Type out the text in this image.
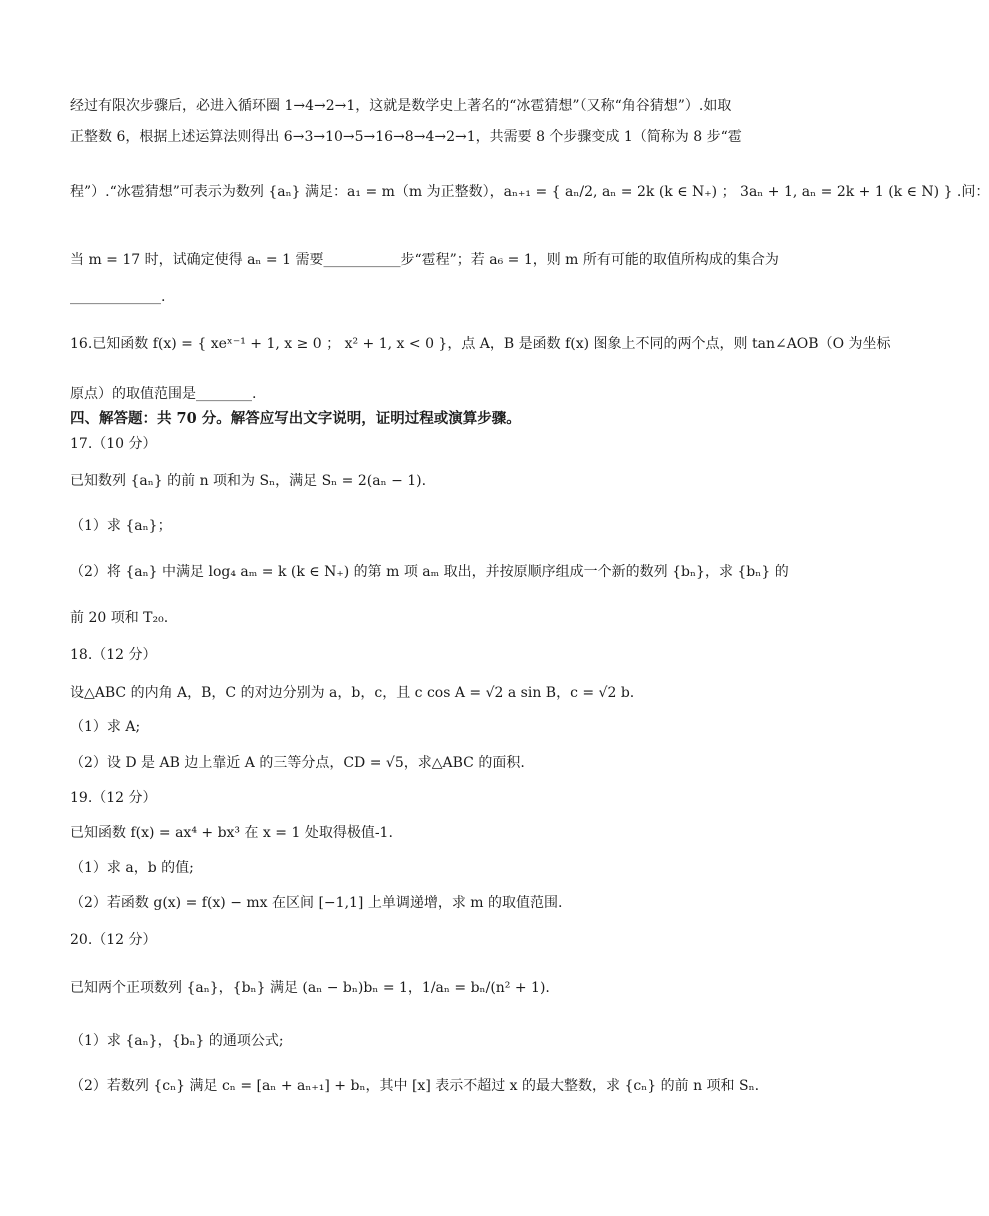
经过有限次步骤后，必进入循环圈 1→4→2→1，这就是数学史上著名的“冰雹猜想”（又称“角谷猜想”）.如取
正整数 6，根据上述运算法则得出 6→3→10→5→16→8→4→2→1，共需要 8 个步骤变成 1（简称为 8 步“雹
程”）.“冰雹猜想”可表示为数列 {aₙ} 满足：a₁ = m（m 为正整数），aₙ₊₁ = { aₙ/2, aₙ = 2k (k ∈ N₊) ； 3aₙ + 1, aₙ = 2k + 1 (k ∈ N) } .问：
当 m = 17 时，试确定使得 aₙ = 1 需要___________步“雹程”；若 a₆ = 1，则 m 所有可能的取值所构成的集合为
_____________.
16.已知函数 f(x) = { xeˣ⁻¹ + 1, x ≥ 0 ； x² + 1, x < 0 }，点 A，B 是函数 f(x) 图象上不同的两个点，则 tan∠AOB（O 为坐标
原点）的取值范围是________.
四、解答题：共 70 分。解答应写出文字说明，证明过程或演算步骤。
17.（10 分）
已知数列 {aₙ} 的前 n 项和为 Sₙ，满足 Sₙ = 2(aₙ − 1).
（1）求 {aₙ}；
（2）将 {aₙ} 中满足 log₄ aₘ = k (k ∈ N₊) 的第 m 项 aₘ 取出，并按原顺序组成一个新的数列 {bₙ}，求 {bₙ} 的
前 20 项和 T₂₀.
18.（12 分）
设△ABC 的内角 A，B，C 的对边分别为 a，b，c，且 c cos A = √2 a sin B，c = √2 b.
（1）求 A;
（2）设 D 是 AB 边上靠近 A 的三等分点，CD = √5，求△ABC 的面积.
19.（12 分）
已知函数 f(x) = ax⁴ + bx³ 在 x = 1 处取得极值-1.
（1）求 a，b 的值;
（2）若函数 g(x) = f(x) − mx 在区间 [−1,1] 上单调递增，求 m 的取值范围.
20.（12 分）
已知两个正项数列 {aₙ}，{bₙ} 满足 (aₙ − bₙ)bₙ = 1，1/aₙ = bₙ/(n² + 1).
（1）求 {aₙ}，{bₙ} 的通项公式;
（2）若数列 {cₙ} 满足 cₙ = [aₙ + aₙ₊₁] + bₙ，其中 [x] 表示不超过 x 的最大整数，求 {cₙ} 的前 n 项和 Sₙ.
